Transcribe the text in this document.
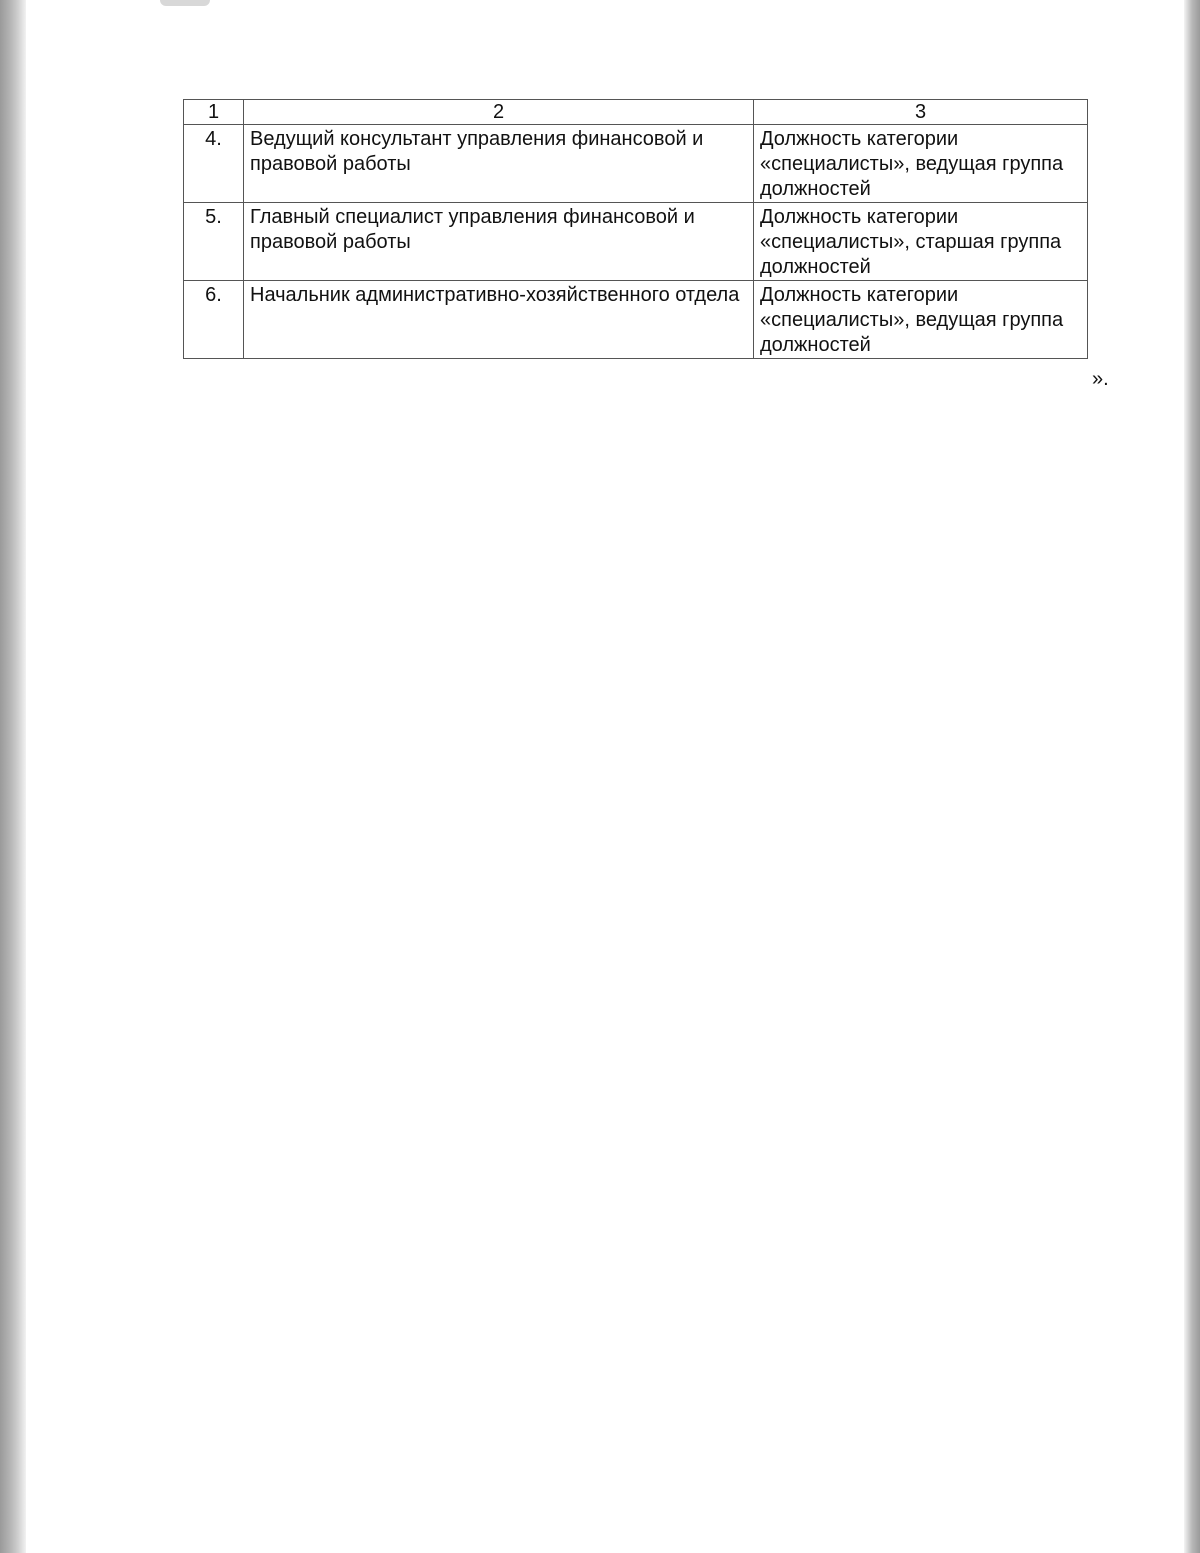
1	2	3
4.	Ведущий консультант управления финансовой и правовой работы	Должность категории «специалисты», ведущая группа должностей
5.	Главный специалист управления финансовой и правовой работы	Должность категории «специалисты», старшая группа должностей
6.	Начальник административно-хозяйственного отдела	Должность категории «специалисты», ведущая группа должностей
».
